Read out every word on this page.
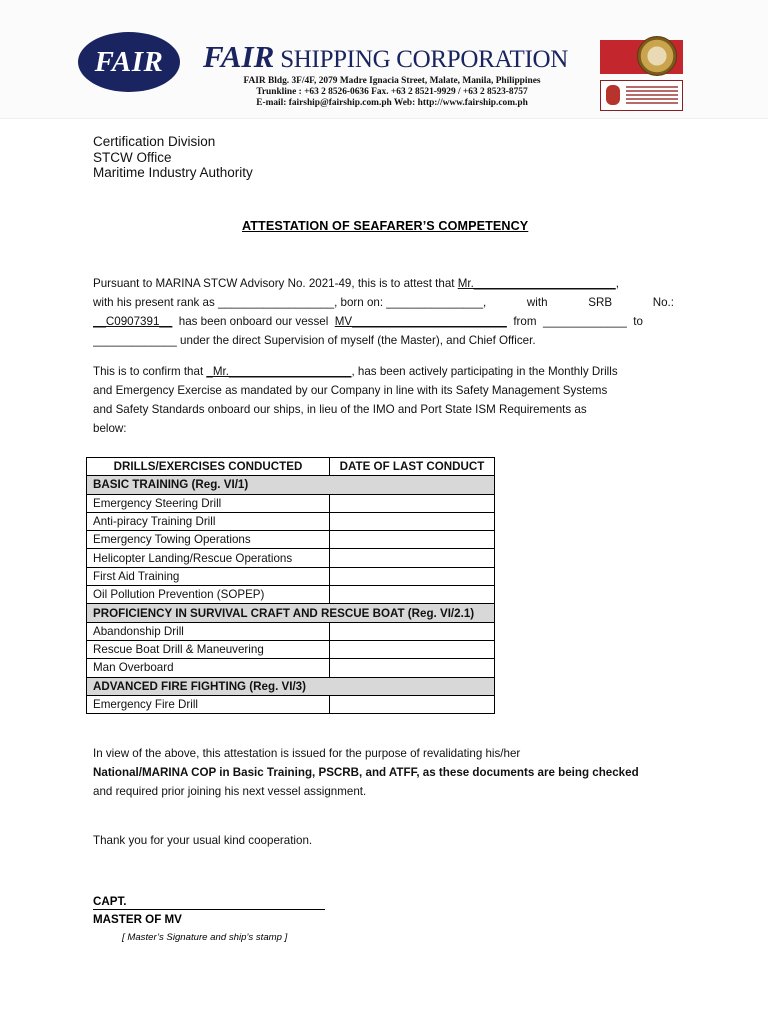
FAIR	FAIR SHIPPING CORPORATION
FAIR Bldg. 3F/4F, 2079 Madre Ignacia Street, Malate, Manila, Philippines
Trunkline : +63 2 8526-0636 Fax. +63 2 8521-9929 / +63 2 8523-8757
E-mail: fairship@fairship.com.ph Web: http://www.fairship.com.ph
Certification Division
STCW Office
Maritime Industry Authority
ATTESTATION OF SEAFARER’S COMPETENCY
Pursuant to MARINA STCW Advisory No. 2021-49, this is to attest that Mr.______________________,
with his present rank as __________________, born on: _______________,	with	SRB	No.:
__C0907391__  has been onboard our vessel  MV________________________  from  _____________  to
_____________ under the direct Supervision of myself (the Master), and Chief Officer.
This is to confirm that _Mr.___________________, has been actively participating in the Monthly Drills
and Emergency Exercise as mandated by our Company in line with its Safety Management Systems
and Safety Standards onboard our ships, in lieu of the IMO and Port State ISM Requirements as
below:
DRILLS/EXERCISES CONDUCTED	DATE OF LAST CONDUCT
BASIC TRAINING (Reg. VI/1)	
Emergency Steering Drill	
Anti-piracy Training Drill	
Emergency Towing Operations	
Helicopter Landing/Rescue Operations	
First Aid Training	
Oil Pollution Prevention (SOPEP)	
PROFICIENCY IN SURVIVAL CRAFT AND RESCUE BOAT (Reg. VI/2.1)	
Abandonship Drill	
Rescue Boat Drill & Maneuvering	
Man Overboard	
ADVANCED FIRE FIGHTING (Reg. VI/3)	
Emergency Fire Drill	
In view of the above, this attestation is issued for the purpose of revalidating his/her
National/MARINA COP in Basic Training, PSCRB, and ATFF, as these documents are being checked
and required prior joining his next vessel assignment.
Thank you for your usual kind cooperation.
CAPT.
MASTER OF MV
[ Master’s Signature and ship’s stamp ]
